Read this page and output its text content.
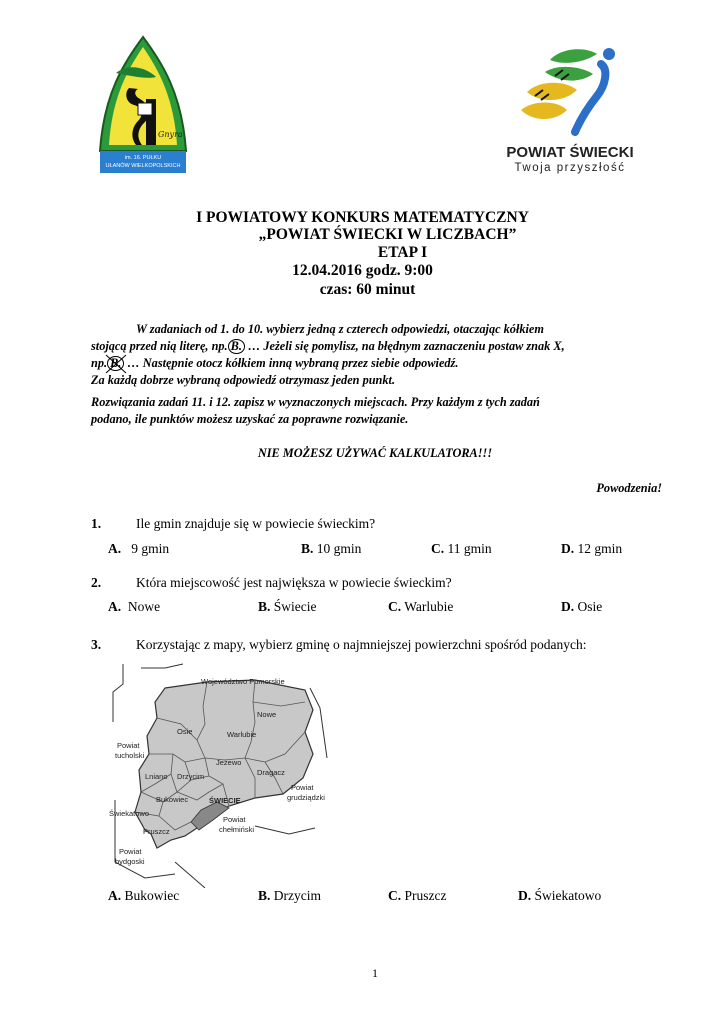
im. 16. PUŁKU
UŁANÓW WIELKOPOLSKICH
Gnyra
POWIAT ŚWIECKI
Twoja przyszłość
I POWIATOWY KONKURS MATEMATYCZNY
„POWIAT ŚWIECKI W LICZBACH”
ETAP I
12.04.2016 godz. 9:00
czas: 60 minut
W zadaniach od 1. do 10. wybierz jedną z czterech odpowiedzi, otaczając kółkiem
stojącą przed nią literę, np. B. … Jeżeli się pomylisz, na błędnym zaznaczeniu postaw znak X,
np. B.
… Następnie otocz kółkiem inną wybraną przez siebie odpowiedź.
Za każdą dobrze wybraną odpowiedź otrzymasz jeden punkt.
Rozwiązania zadań 11. i 12. zapisz w wyznaczonych miejscach. Przy każdym z tych zadań
podano, ile punktów możesz uzyskać za poprawne rozwiązanie.
NIE MOŻESZ UŻYWAĆ KALKULATORA!!!
Powodzenia!
1.	Ile gmin znajduje się w powiecie świeckim?
A. 9 gmin	B. 10 gmin	C. 11 gmin	D. 12 gmin
2.	Która miejscowość jest największa w powiecie świeckim?
A. Nowe	B. Świecie	C. Warlubie	D. Osie
3.	Korzystając z mapy, wybierz gminę o najmniejszej powierzchni spośród podanych:
Województwo Pomorskie
Nowe
Osie	Warlubie
Powiat
tucholski
Jeżewo
Dragacz
Lniano Drzycim
Powiat
grudziądzki
Bukowiec	ŚWIECIE
Świekatowo
Pruszcz
Powiat
chełmiński
Powiat
bydgoski
A. Bukowiec	B. Drzycim	C. Pruszcz	D. Świekatowo
1
